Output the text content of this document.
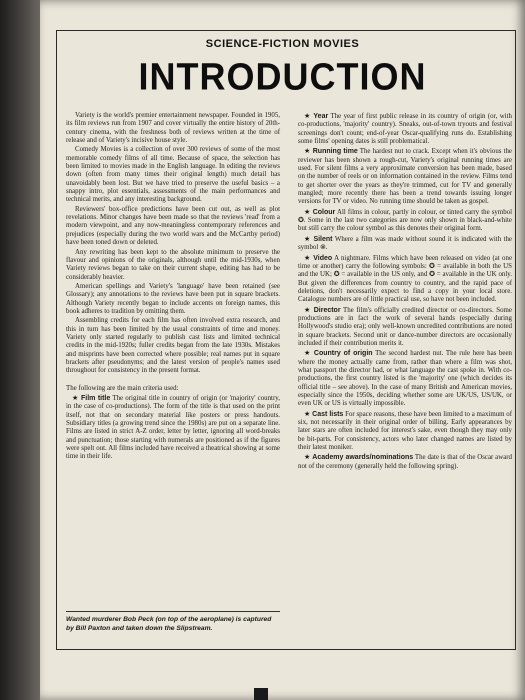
SCIENCE-FICTION MOVIES
INTRODUCTION

Variety is the world's premier entertainment newspaper. Founded in 1905, its film reviews run from 1907 and cover virtually the entire history of 20th-century cinema, with the freshness both of reviews written at the time of release and of Variety's incisive house style.

Comedy Movies is a collection of over 300 reviews of some of the most memorable comedy films of all time. Because of space, the selection has been limited to movies made in the English language. In editing the reviews down (often from many times their original length) much detail has unavoidably been lost. But we have tried to preserve the useful basics – a snappy intro, plot essentials, assessments of the main performances and technical merits, and any interesting background.

Reviewers' box-office predictions have been cut out, as well as plot revelations. Minor changes have been made so that the reviews 'read' from a modern viewpoint, and any now-meaningless contemporary references and prejudices (especially during the two world wars and the McCarthy period) have been toned down or deleted.

Any rewriting has been kept to the absolute minimum to preserve the flavour and opinions of the originals, although until the mid-1930s, when Variety reviews began to take on their current shape, editing has had to be considerably heavier.

American spellings and Variety's 'language' have been retained (see Glossary); any annotations to the reviews have been put in square brackets. Although Variety recently began to include accents on foreign names, this book adheres to tradition by omitting them.

Assembling credits for each film has often involved extra research, and this in turn has been limited by the usual constraints of time and money. Variety only started regularly to publish cast lists and limited technical credits in the mid-1920s; fuller credits began from the late 1930s. Mistakes and misprints have been corrected where possible; real names put in square brackets after pseudonyms; and the latest version of people's names used throughout for consistency in the present format.

The following are the main criteria used:

★ Film title The original title in country of origin (or 'majority' country, in the case of co-productions). The form of the title is that used on the print itself, not that on secondary material like posters or press handouts. Subsidiary titles (a growing trend since the 1980s) are put on a separate line. Films are listed in strict A-Z order, letter by letter, ignoring all word-breaks and punctuation; those starting with numerals are positioned as if the figures were spelt out. All films included have received a theatrical showing at some time in their life.

Wanted murderer Bob Peck (on top of the aeroplane) is captured by Bill Paxton and taken down the Slipstream.

★ Year The year of first public release in its country of origin (or, with co-productions, 'majority' country). Sneaks, out-of-town tryouts and festival screenings don't count; end-of-year Oscar-qualifying runs do. Establishing some films' opening dates is still problematical.

★ Running time The hardest nut to crack. Except when it's obvious the reviewer has been shown a rough-cut, Variety's original running times are used. For silent films a very approximate conversion has been made, based on the number of reels or on information contained in the review. Films tend to get shorter over the years as they're trimmed, cut for TV and generally mangled; more recently there has been a trend towards issuing longer versions for TV or video. No running time should be taken as gospel.

★ Colour All films in colour, partly in colour, or tinted carry the symbol ✪. Some in the last two categories are now only shown in black-and-white but still carry the colour symbol as this denotes their original form.

★ Silent Where a film was made without sound it is indicated with the symbol ⊗.

★ Video A nightmare. Films which have been released on video (at one time or another) carry the following symbols: ✪ = available in both the US and the UK; ✪ = available in the US only, and ✪ = available in the UK only. But given the differences from country to country, and the rapid pace of deletions, don't necessarily expect to find a copy in your local store. Catalogue numbers are of little practical use, so have not been included.

★ Director The film's officially credited director or co-directors. Some productions are in fact the work of several hands (especially during Hollywood's studio era); only well-known uncredited contributions are noted in square brackets. Second unit or dance-number directors are occasionally included if their contribution merits it.

★ Country of origin The second hardest nut. The rule here has been where the money actually came from, rather than where a film was shot, what passport the director had, or what language the cast spoke in. With co-productions, the first country listed is the 'majority' one (which decides its official title – see above). In the case of many British and American movies, especially since the 1950s, deciding whether some are UK/US, US/UK, or even UK or US is virtually impossible.

★ Cast lists For space reasons, these have been limited to a maximum of six, not necessarily in their original order of billing. Early appearances by later stars are often included for interest's sake, even though they may only be bit-parts. For consistency, actors who later changed names are listed by their latest moniker.

★ Academy awards/nominations The date is that of the Oscar award not of the ceremony (generally held the following spring).
